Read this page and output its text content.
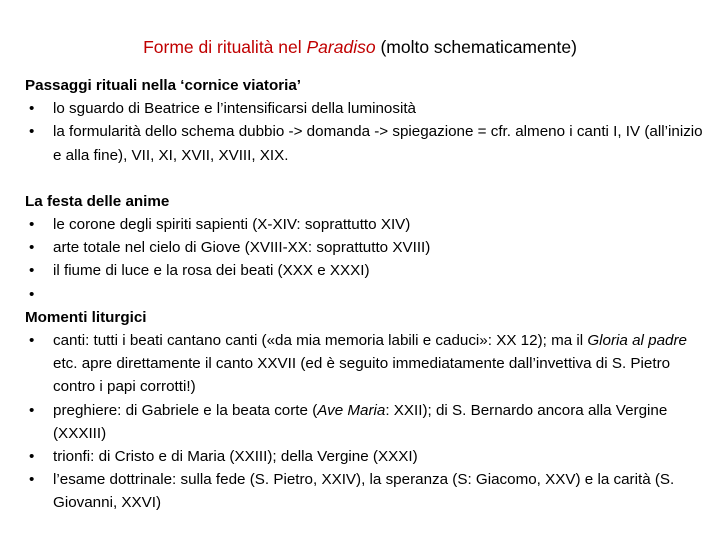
Forme di ritualità nel Paradiso (molto schematicamente)
Passaggi rituali nella ‘cornice viatoria’
• lo sguardo di Beatrice e l’intensificarsi della luminosità
• la formularità dello schema dubbio -> domanda -> spiegazione = cfr. almeno i canti I, IV (all’inizio e alla fine), VII, XI, XVII, XVIII, XIX.
La festa delle anime
• le corone degli spiriti sapienti (X-XIV: soprattutto XIV)
• arte totale nel cielo di Giove (XVIII-XX: soprattutto XVIII)
• il fiume di luce e la rosa dei beati (XXX e XXXI)
•

Momenti liturgici
• canti: tutti i beati cantano canti («da mia memoria labili e caduci»: XX 12); ma il Gloria al padre etc. apre direttamente il canto XXVII (ed è seguito immediatamente dall’invettiva di S. Pietro contro i papi corrotti!)
• preghiere: di Gabriele e la beata corte (Ave Maria: XXII); di S. Bernardo ancora alla Vergine (XXXIII)
• trionfi: di Cristo e di Maria (XXIII); della Vergine (XXXI)
• l’esame dottrinale: sulla fede (S. Pietro, XXIV), la speranza (S: Giacomo, XXV) e la carità (S. Giovanni, XXVI)
